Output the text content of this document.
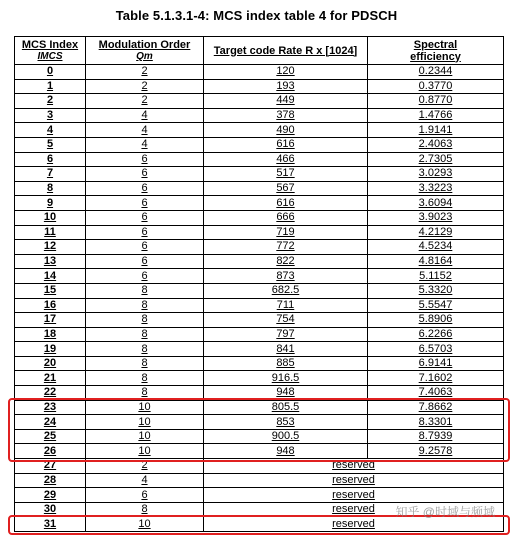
Table 5.1.3.1-4: MCS index table 4 for PDSCH
MCS Index
IMCS	Modulation Order
Qm	Target code Rate R x [1024]	Spectral
efficiency
0	2	120	0.2344
1	2	193	0.3770
2	2	449	0.8770
3	4	378	1.4766
4	4	490	1.9141
5	4	616	2.4063
6	6	466	2.7305
7	6	517	3.0293
8	6	567	3.3223
9	6	616	3.6094
10	6	666	3.9023
11	6	719	4.2129
12	6	772	4.5234
13	6	822	4.8164
14	6	873	5.1152
15	8	682.5	5.3320
16	8	711	5.5547
17	8	754	5.8906
18	8	797	6.2266
19	8	841	6.5703
20	8	885	6.9141
21	8	916.5	7.1602
22	8	948	7.4063
23	10	805.5	7.8662
24	10	853	8.3301
25	10	900.5	8.7939
26	10	948	9.2578
27	2	reserved	
28	4	reserved	
29	6	reserved	
30	8	reserved	
31	10	reserved	
知乎 @时域与频域
